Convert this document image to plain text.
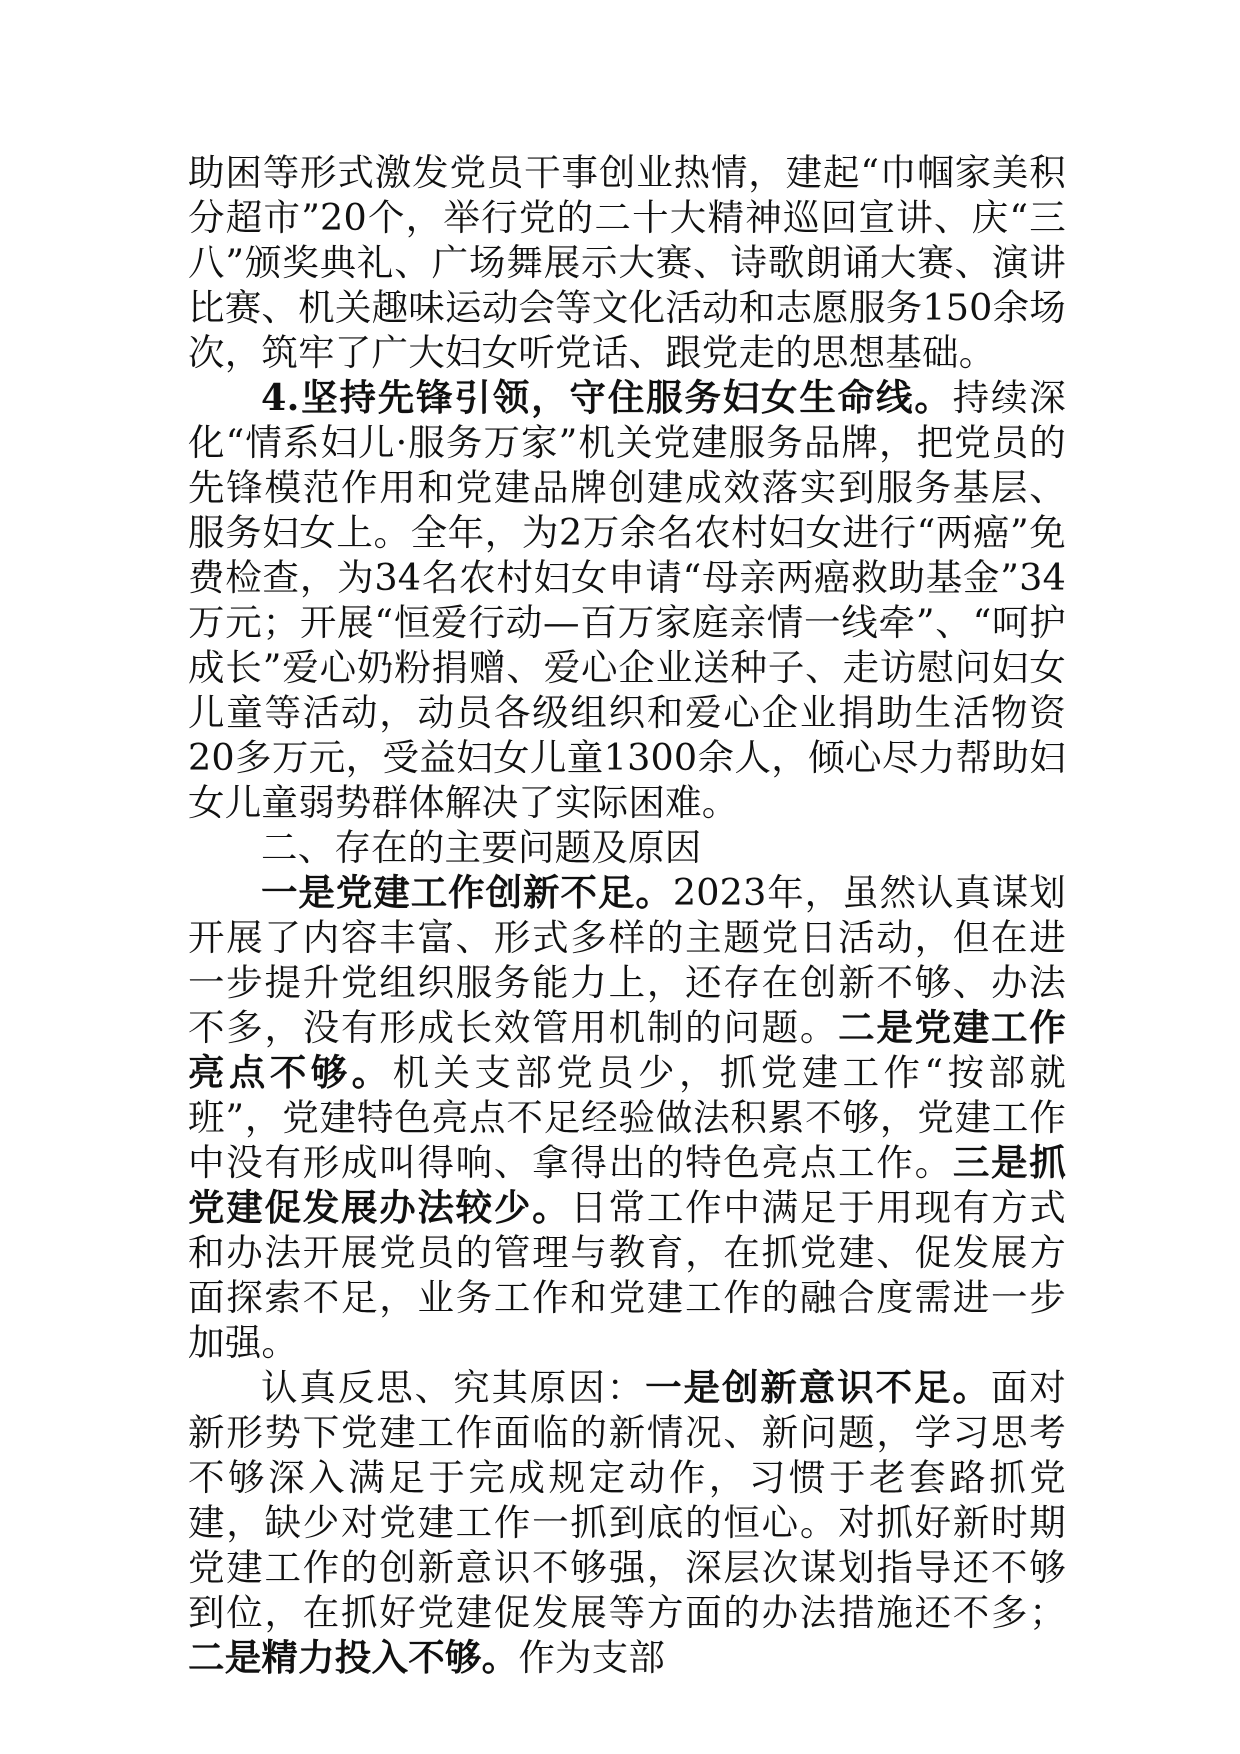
助困等形式激发党员干事创业热情，建起“巾帼家美积分超市”20个，举行党的二十大精神巡回宣讲、庆“三八”颁奖典礼、广场舞展示大赛、诗歌朗诵大赛、演讲比赛、机关趣味运动会等文化活动和志愿服务150余场次，筑牢了广大妇女听党话、跟党走的思想基础。

4.坚持先锋引领，守住服务妇女生命线。持续深化“情系妇儿·服务万家”机关党建服务品牌，把党员的先锋模范作用和党建品牌创建成效落实到服务基层、服务妇女上。全年，为2万余名农村妇女进行“两癌”免费检查，为34名农村妇女申请“母亲两癌救助基金”34万元；开展“恒爱行动—百万家庭亲情一线牵”、“呵护成长”爱心奶粉捐赠、爱心企业送种子、走访慰问妇女儿童等活动，动员各级组织和爱心企业捐助生活物资20多万元，受益妇女儿童1300余人，倾心尽力帮助妇女儿童弱势群体解决了实际困难。

二、存在的主要问题及原因

一是党建工作创新不足。2023年，虽然认真谋划开展了内容丰富、形式多样的主题党日活动，但在进一步提升党组织服务能力上，还存在创新不够、办法不多，没有形成长效管用机制的问题。二是党建工作亮点不够。机关支部党员少，抓党建工作“按部就班”，党建特色亮点不足经验做法积累不够，党建工作中没有形成叫得响、拿得出的特色亮点工作。三是抓党建促发展办法较少。日常工作中满足于用现有方式和办法开展党员的管理与教育，在抓党建、促发展方面探索不足，业务工作和党建工作的融合度需进一步加强。

认真反思、究其原因：一是创新意识不足。面对新形势下党建工作面临的新情况、新问题，学习思考不够深入满足于完成规定动作，习惯于老套路抓党建，缺少对党建工作一抓到底的恒心。对抓好新时期党建工作的创新意识不够强，深层次谋划指导还不够到位，在抓好党建促发展等方面的办法措施还不多；二是精力投入不够。作为支部
